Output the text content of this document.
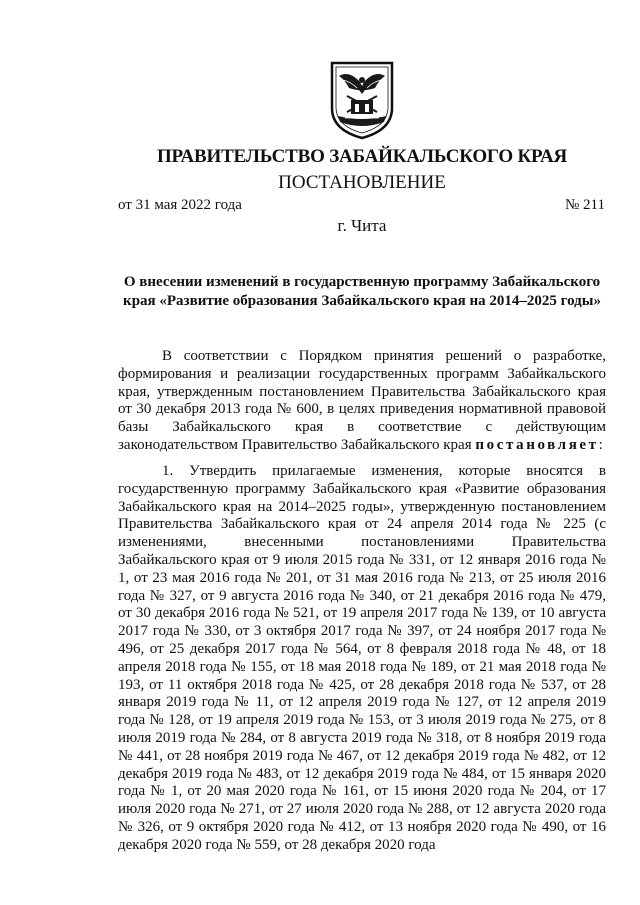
ПРАВИТЕЛЬСТВО ЗАБАЙКАЛЬСКОГО КРАЯ
ПОСТАНОВЛЕНИЕ
от 31 мая 2022 года	№ 211
г. Чита
О внесении изменений в государственную программу Забайкальского края «Развитие образования Забайкальского края на 2014–2025 годы»
В соответствии с Порядком принятия решений о разработке, формирования и реализации государственных программ Забайкальского края, утвержденным постановлением Правительства Забайкальского края от 30 декабря 2013 года № 600, в целях приведения нормативной правовой базы Забайкальского края в соответствие с действующим законодательством Правительство Забайкальского края постановляет:
1. Утвердить прилагаемые изменения, которые вносятся в государственную программу Забайкальского края «Развитие образования Забайкальского края на 2014–2025 годы», утвержденную постановлением Правительства Забайкальского края от 24 апреля 2014 года № 225 (с изменениями, внесенными постановлениями Правительства Забайкальского края от 9 июля 2015 года № 331, от 12 января 2016 года № 1, от 23 мая 2016 года № 201, от 31 мая 2016 года № 213, от 25 июля 2016 года № 327, от 9 августа 2016 года № 340, от 21 декабря 2016 года № 479, от 30 декабря 2016 года № 521, от 19 апреля 2017 года № 139, от 10 августа 2017 года № 330, от 3 октября 2017 года № 397, от 24 ноября 2017 года № 496, от 25 декабря 2017 года № 564, от 8 февраля 2018 года № 48, от 18 апреля 2018 года № 155, от 18 мая 2018 года № 189, от 21 мая 2018 года № 193, от 11 октября 2018 года № 425, от 28 декабря 2018 года № 537, от 28 января 2019 года № 11, от 12 апреля 2019 года № 127, от 12 апреля 2019 года № 128, от 19 апреля 2019 года № 153, от 3 июля 2019 года № 275, от 8 июля 2019 года № 284, от 8 августа 2019 года № 318, от 8 ноября 2019 года № 441, от 28 ноября 2019 года № 467, от 12 декабря 2019 года № 482, от 12 декабря 2019 года № 483, от 12 декабря 2019 года № 484, от 15 января 2020 года № 1, от 20 мая 2020 года № 161, от 15 июня 2020 года № 204, от 17 июля 2020 года № 271, от 27 июля 2020 года № 288, от 12 августа 2020 года № 326, от 9 октября 2020 года № 412, от 13 ноября 2020 года № 490, от 16 декабря 2020 года № 559, от 28 декабря 2020 года
